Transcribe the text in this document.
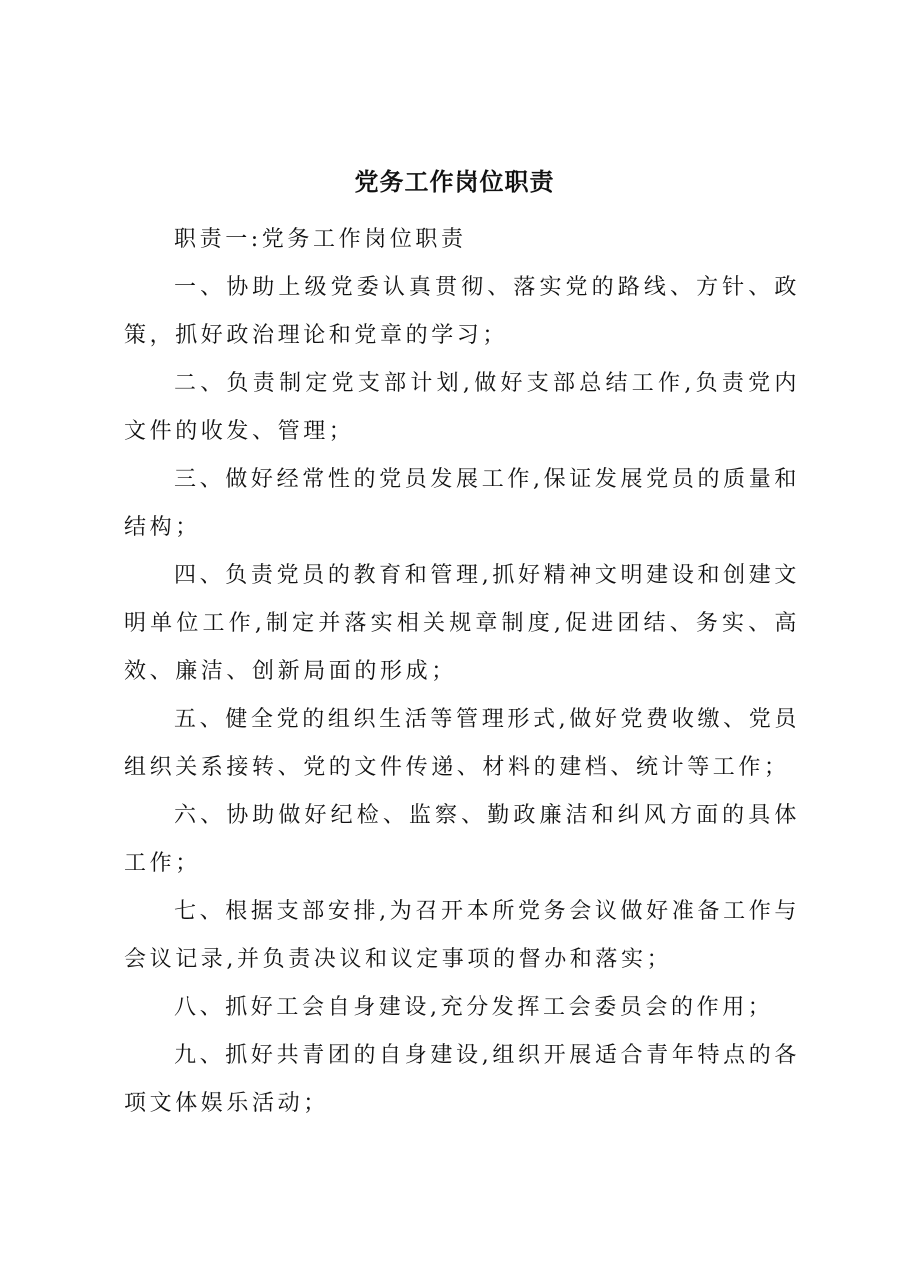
党务工作岗位职责

职责一:党务工作岗位职责

一、协助上级党委认真贯彻、落实党的路线、方针、政策，抓好政治理论和党章的学习；

二、负责制定党支部计划,做好支部总结工作,负责党内文件的收发、管理；

三、做好经常性的党员发展工作,保证发展党员的质量和结构；

四、负责党员的教育和管理,抓好精神文明建设和创建文明单位工作,制定并落实相关规章制度,促进团结、务实、高效、廉洁、创新局面的形成；

五、健全党的组织生活等管理形式,做好党费收缴、党员组织关系接转、党的文件传递、材料的建档、统计等工作；

六、协助做好纪检、监察、勤政廉洁和纠风方面的具体工作；

七、根据支部安排,为召开本所党务会议做好准备工作与会议记录,并负责决议和议定事项的督办和落实；

八、抓好工会自身建设,充分发挥工会委员会的作用；

九、抓好共青团的自身建设,组织开展适合青年特点的各项文体娱乐活动；
